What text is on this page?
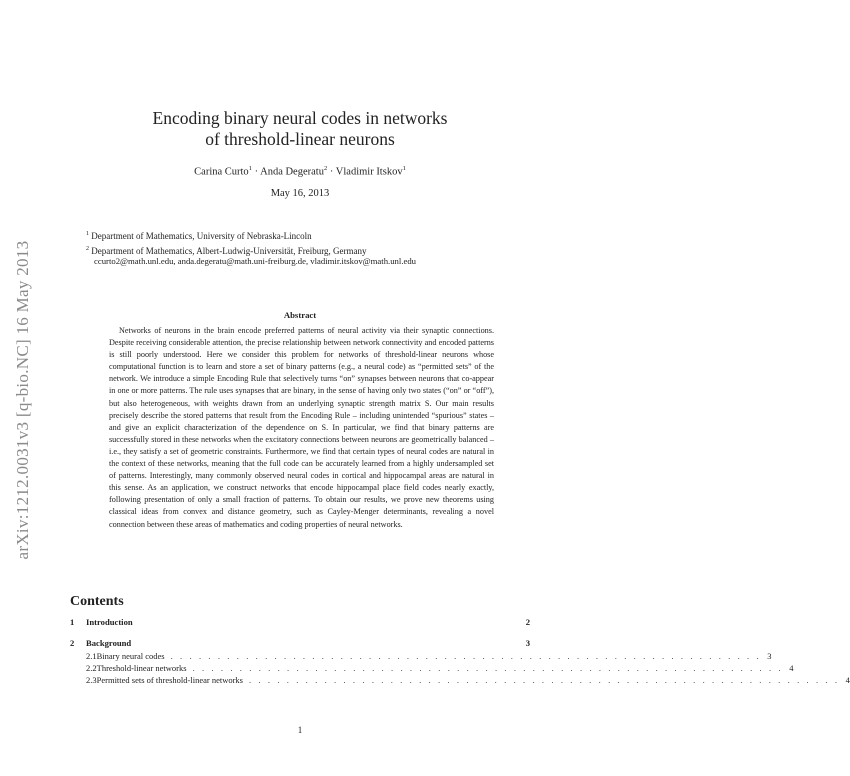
arXiv:1212.0031v3 [q-bio.NC] 16 May 2013
Encoding binary neural codes in networks
of threshold-linear neurons
Carina Curto$^1$ · Anda Degeratu$^2$ · Vladimir Itskov$^1$
May 16, 2013
$^1$ Department of Mathematics, University of Nebraska-Lincoln
$^2$ Department of Mathematics, Albert-Ludwig-Universität, Freiburg, Germany
ccurto2@math.unl.edu, anda.degeratu@math.uni-freiburg.de, vladimir.itskov@math.unl.edu
Abstract

Networks of neurons in the brain encode preferred patterns of neural activity via their synaptic connections. Despite receiving considerable attention, the precise relationship between network connectivity and encoded patterns is still poorly understood. Here we consider this problem for networks of threshold-linear neurons whose computational function is to learn and store a set of binary patterns (e.g., a neural code) as “permitted sets” of the network. We introduce a simple Encoding Rule that selectively turns “on” synapses between neurons that co-appear in one or more patterns. The rule uses synapses that are binary, in the sense of having only two states (“on” or “off”), but also heterogeneous, with weights drawn from an underlying synaptic strength matrix S. Our main results precisely describe the stored patterns that result from the Encoding Rule – including unintended “spurious” states – and give an explicit characterization of the dependence on S. In particular, we find that binary patterns are successfully stored in these networks when the excitatory connections between neurons are geometrically balanced – i.e., they satisfy a set of geometric constraints. Furthermore, we find that certain types of neural codes are natural in the context of these networks, meaning that the full code can be accurately learned from a highly undersampled set of patterns. Interestingly, many commonly observed neural codes in cortical and hippocampal areas are natural in this sense. As an application, we construct networks that encode hippocampal place field codes nearly exactly, following presentation of only a small fraction of patterns. To obtain our results, we prove new theorems using classical ideas from convex and distance geometry, such as Cayley-Menger determinants, revealing a novel connection between these areas of mathematics and coding properties of neural networks.

Contents
1	Introduction	2
2	Background	3
2.1 Binary neural codes . . . . . . . . . . . . . . . . . . . . . . . . . . . . . . . . . . . . . . . . . . . . . . . . . . . . . . . . . . . . . . . 3
2.2 Threshold-linear networks . . . . . . . . . . . . . . . . . . . . . . . . . . . . . . . . . . . . . . . . . . . . . . . . . . . . . . . . . . . . . . . 4
2.3 Permitted sets of threshold-linear networks . . . . . . . . . . . . . . . . . . . . . . . . . . . . . . . . . . . . . . . . . . . . . . . . . . . . . . . . . . . . . . . 4
1
